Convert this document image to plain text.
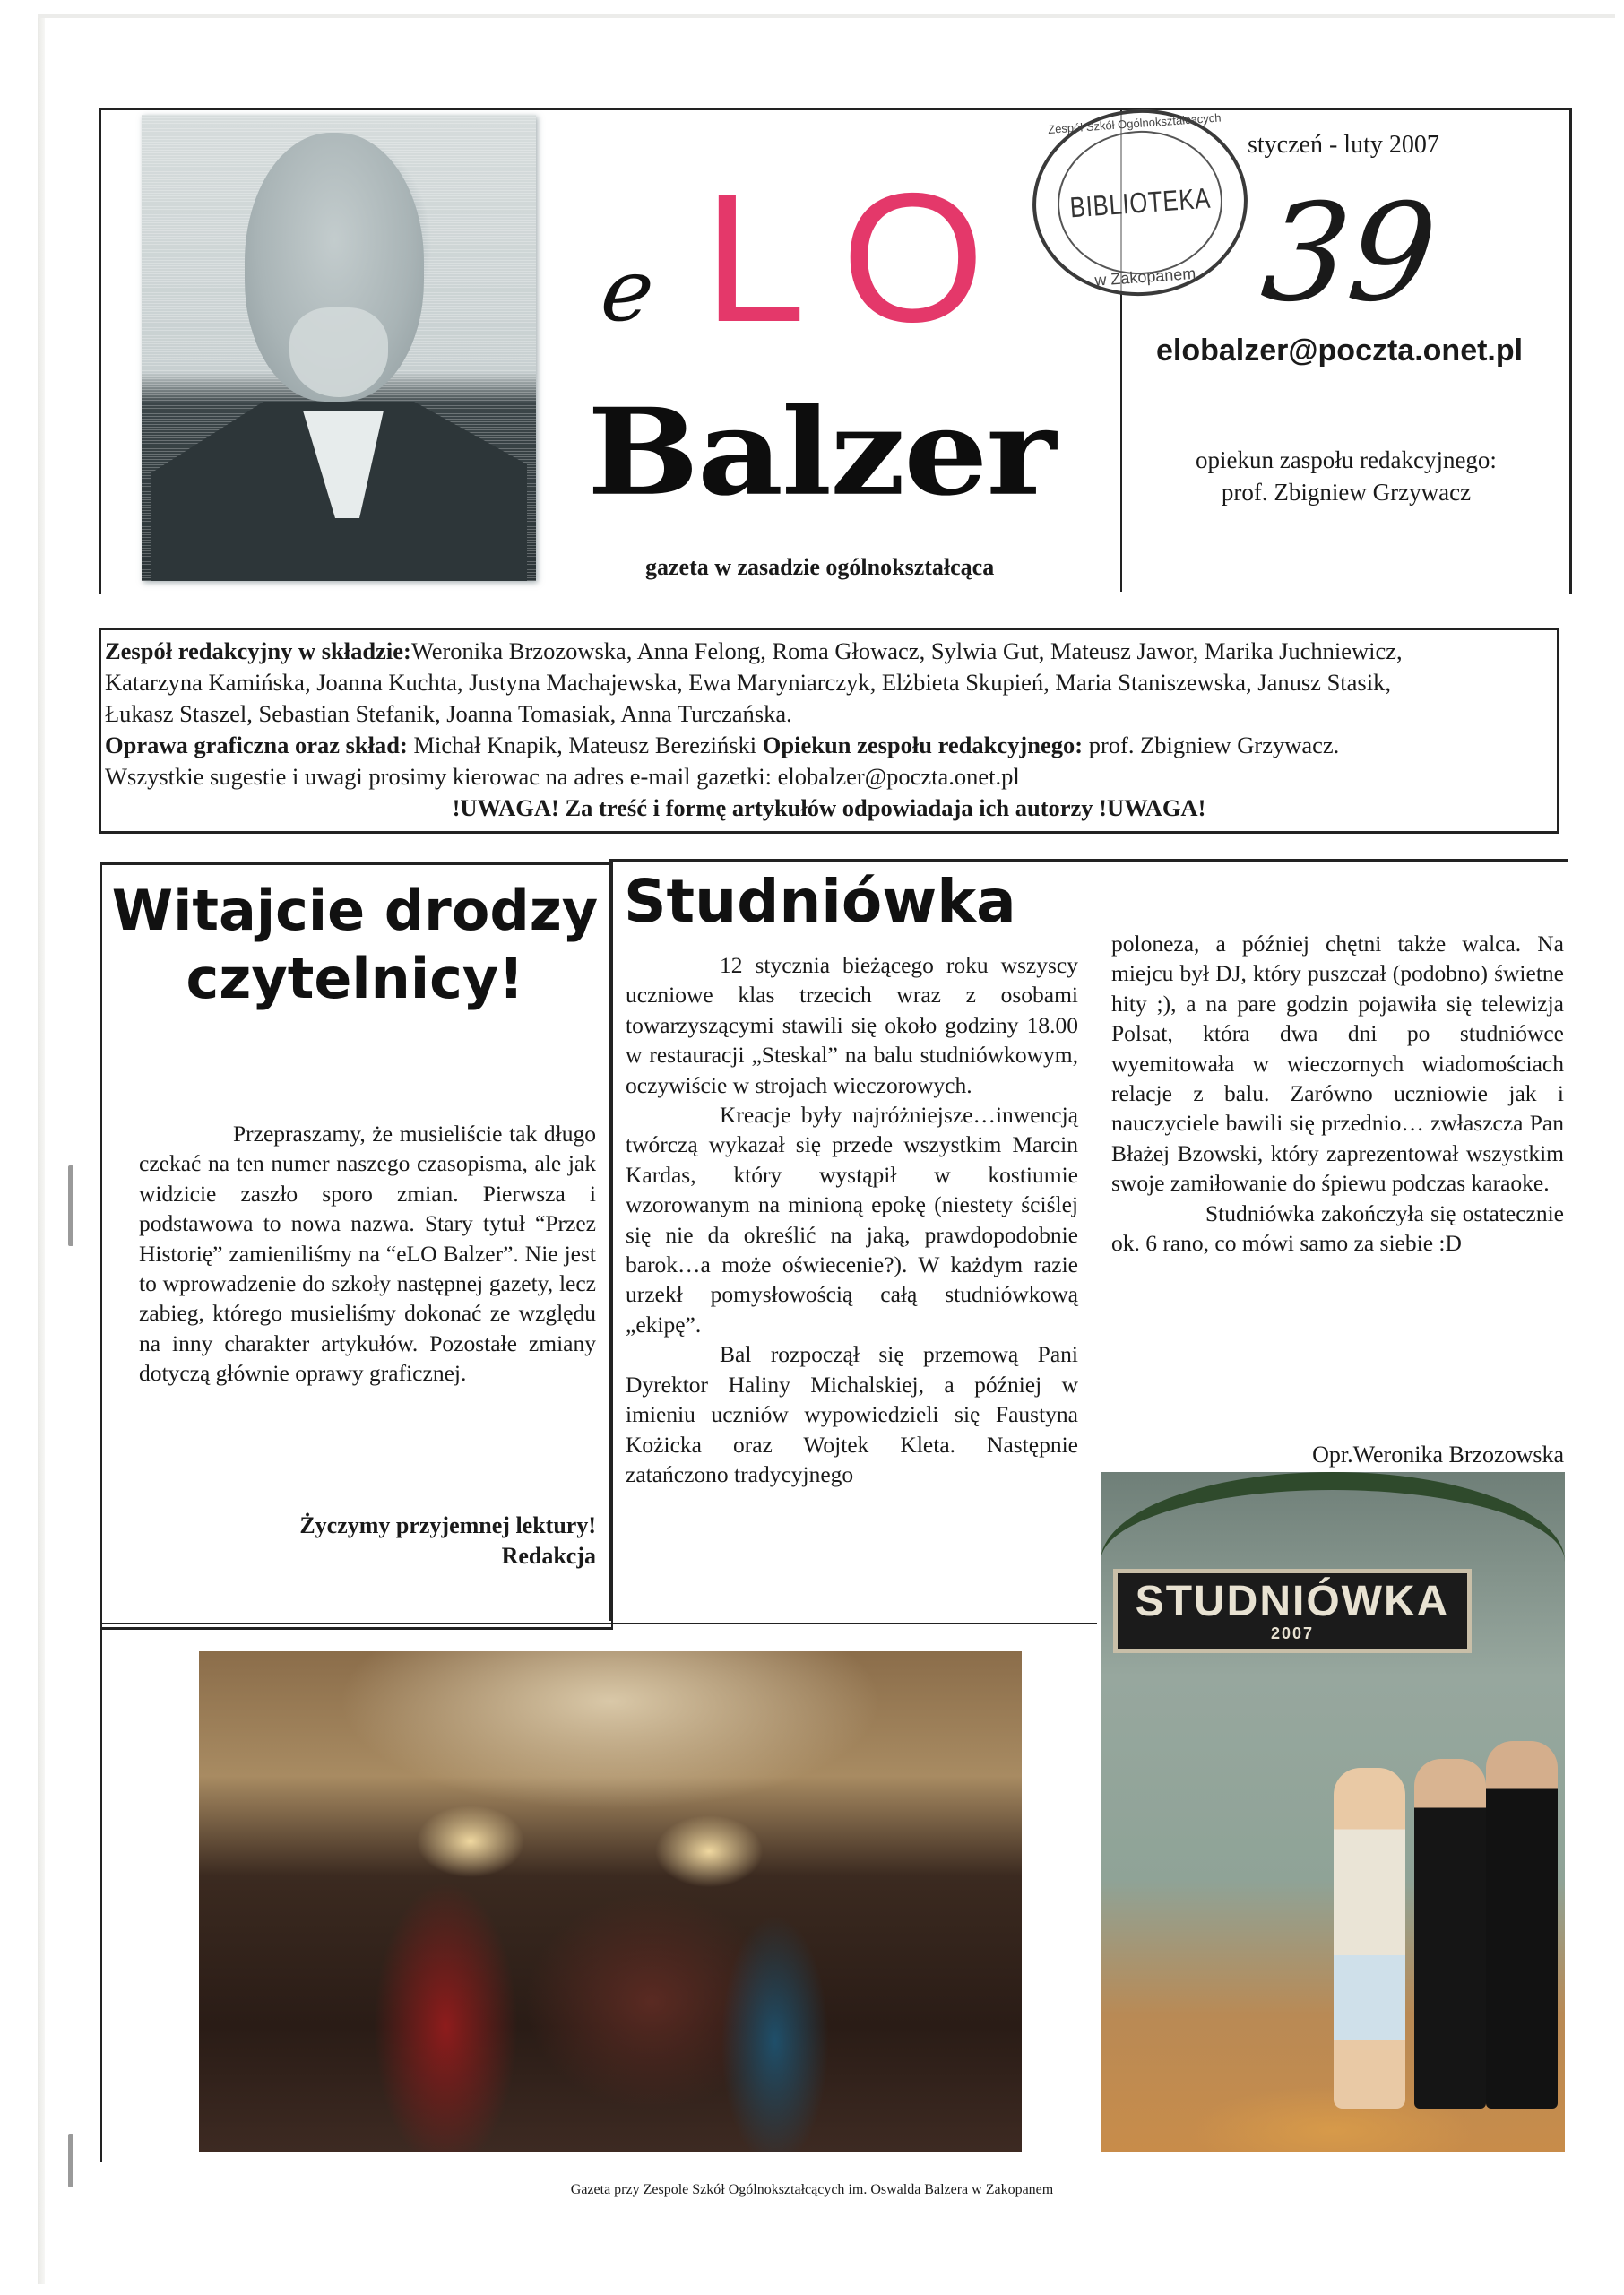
e LO
Balzer
gazeta w zasadzie ogólnokształcąca
Zespół Szkół Ogólnokształcących
BIBLIOTEKA
w Zakopanem
styczeń - luty 2007
39
elobalzer@poczta.onet.pl
opiekun zaspołu redakcyjnego:
prof. Zbigniew Grzywacz

Zespół redakcyjny w składzie:Weronika Brzozowska, Anna Felong, Roma Głowacz, Sylwia Gut, Mateusz Jawor, Marika Juchniewicz,

Katarzyna Kamińska, Joanna Kuchta, Justyna Machajewska, Ewa Maryniarczyk, Elżbieta Skupień, Maria Staniszewska, Janusz Stasik,

Łukasz Staszel, Sebastian Stefanik, Joanna Tomasiak, Anna Turczańska.

Oprawa graficzna oraz skład: Michał Knapik, Mateusz Bereziński Opiekun zespołu redakcyjnego: prof. Zbigniew Grzywacz.

Wszystkie sugestie i uwagi prosimy kierowac na adres e-mail gazetki: elobalzer@poczta.onet.pl

!UWAGA! Za treść i formę artykułów odpowiadaja ich autorzy !UWAGA!

Witajcie drodzy czytelnicy!

Przepraszamy, że musieliście tak długo czekać na ten numer naszego czasopisma, ale jak widzicie zaszło sporo zmian. Pierwsza i podstawowa to nowa nazwa. Stary tytuł “Przez Historię” zamieniliśmy na “eLO Balzer”. Nie jest to wprowadzenie do szkoły następnej gazety, lecz zabieg, którego musieliśmy dokonać ze względu na inny charakter artykułów. Pozostałe zmiany dotyczą głównie oprawy graficznej.

Życzymy przyjemnej lektury!
Redakcja
Studniówka

12 stycznia bieżącego roku wszyscy uczniowe klas trzecich wraz z osobami towarzyszącymi stawili się około godziny 18.00 w restauracji „Steskal” na balu studniówkowym, oczywiście w strojach wieczorowych.

Kreacje były najróżniejsze…inwencją twórczą wykazał się przede wszystkim Marcin Kardas, który wystąpił w kostiumie wzorowanym na minioną epokę (niestety ściślej się nie da określić na jaką, prawdopodobnie barok…a może oświecenie?). W każdym razie urzekł pomysłowością całą studniówkową „ekipę”.

Bal rozpoczął się przemową Pani Dyrektor Haliny Michalskiej, a później w imieniu uczniów wypowiedzieli się Faustyna Kożicka oraz Wojtek Kleta. Następnie zatańczono tradycyjnego

poloneza, a później chętni także walca. Na miejcu był DJ, który puszczał (podobno) świetne hity ;), a na pare godzin pojawiła się telewizja Polsat, która dwa dni po studniówce wyemitowała w wieczornych wiadomościach relacje z balu. Zarówno uczniowie jak i nauczyciele bawili się przednio… zwłaszcza Pan Błażej Bzowski, który zaprezentował wszystkim swoje zamiłowanie do śpiewu podczas karaoke.

Studniówka zakończyła się ostatecznie ok. 6 rano, co mówi samo za siebie :D

Opr.Weronika Brzozowska
STUDNIÓWKA
2007
Gazeta przy Zespole Szkół Ogólnokształcących im. Oswalda Balzera w Zakopanem
